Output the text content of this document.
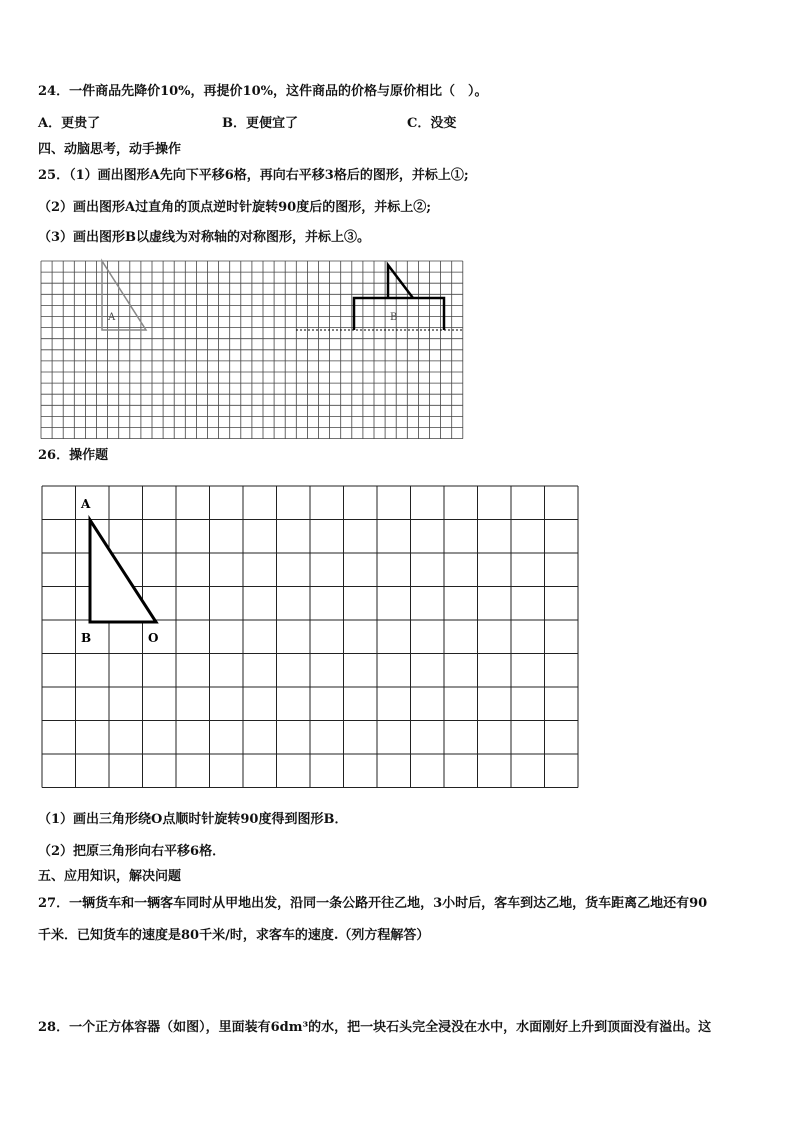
24．一件商品先降价10%，再提价10%，这件商品的价格与原价相比（　）。
A．更贵了	B．更便宜了	C．没变
四、动脑思考，动手操作
25．（1）画出图形A先向下平移6格，再向右平移3格后的图形，并标上①;
（2）画出图形A过直角的顶点逆时针旋转90度后的图形，并标上②;
（3）画出图形B以虚线为对称轴的对称图形，并标上③。
A	B
26．操作题
A
B	O
（1）画出三角形绕O点顺时针旋转90度得到图形B．
（2）把原三角形向右平移6格．
五、应用知识，解决问题
27．一辆货车和一辆客车同时从甲地出发，沿同一条公路开往乙地，3小时后，客车到达乙地，货车距离乙地还有90
千米．已知货车的速度是80千米/时，求客车的速度.（列方程解答）
28．一个正方体容器（如图），里面装有6dm³的水，把一块石头完全浸没在水中，水面刚好上升到顶面没有溢出。这
